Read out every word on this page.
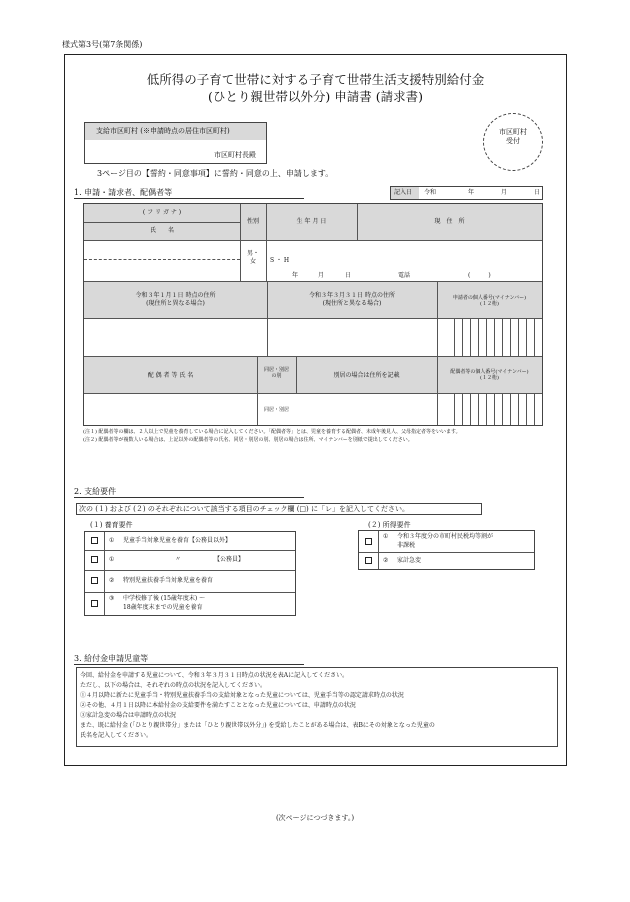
様式第3号(第7条関係)
低所得の子育て世帯に対する子育て世帯生活支援特別給付金
(ひとり親世帯以外分) 申請書 (請求書)
支給市区町村 (※申請時点の居住市区町村)
市区町村長殿
市区町村
受付
3ページ目の【誓約・同意事項】に誓約・同意の上、申請します。
1. 申請・請求者、配偶者等	記入日 令和	年	月	日
( フ リ ガ ナ )
氏　　名
性別	生 年 月 日	現　住　所
男・女	S ・ H
年	月	日	電話	(　　　)
令和３年１月１日 時点の住所
(現住所と異なる場合)
令和３年３月３１日 時点の住所
(現住所と異なる場合)
申請者の個人番号(マイナンバー)
(１２桁)
配 偶 者 等 氏 名
同居・別居
の別	別居の場合は住所を記載	配偶者等の個人番号(マイナンバー)
(１２桁)
同居・別居
(注１) 配偶者等の欄は、２人以上で児童を養育している場合に記入してください。「配偶者等」とは、児童を養育する配偶者、未成年後見人、父母指定者等をいいます。
(注２) 配偶者等が複数人いる場合は、上記以外の配偶者等の氏名、同居・別居の別、別居の場合は住所、マイナンバーを別紙で提出してください。
2. 支給要件
次の (１) および (２) のそれぞれについて該当する項目のチェック欄 (□) に「レ」を記入してください。
(１) 養育要件	(２) 所得要件
① 児童手当対象児童を養育【公務員以外】
①	〃　　　　　　【公務員】
② 特別児童扶養手当対象児童を養育
③ 中学校修了後 (15歳年度末) ～
18歳年度末までの児童を養育
① 令和３年度分の市町村民税均等割が
非課税
② 家計急変
3. 給付金申請児童等
今回、給付金を申請する児童について、令和３年３月３１日時点の状況を表Aに記入してください。
ただし、以下の場合は、それぞれの時点の状況を記入してください。
①４月以降に新たに児童手当・特別児童扶養手当の支給対象となった児童については、児童手当等の認定請求時点の状況
②その他、４月１日以降に本給付金の支給要件を満たすこととなった児童については、申請時点の状況
③家計急変の場合は申請時点の状況
また、既に給付金 (「ひとり親世帯分」または「ひとり親世帯以外分」) を受給したことがある場合は、表Bにその対象となった児童の
氏名を記入してください。
(次ページにつづきます。)
